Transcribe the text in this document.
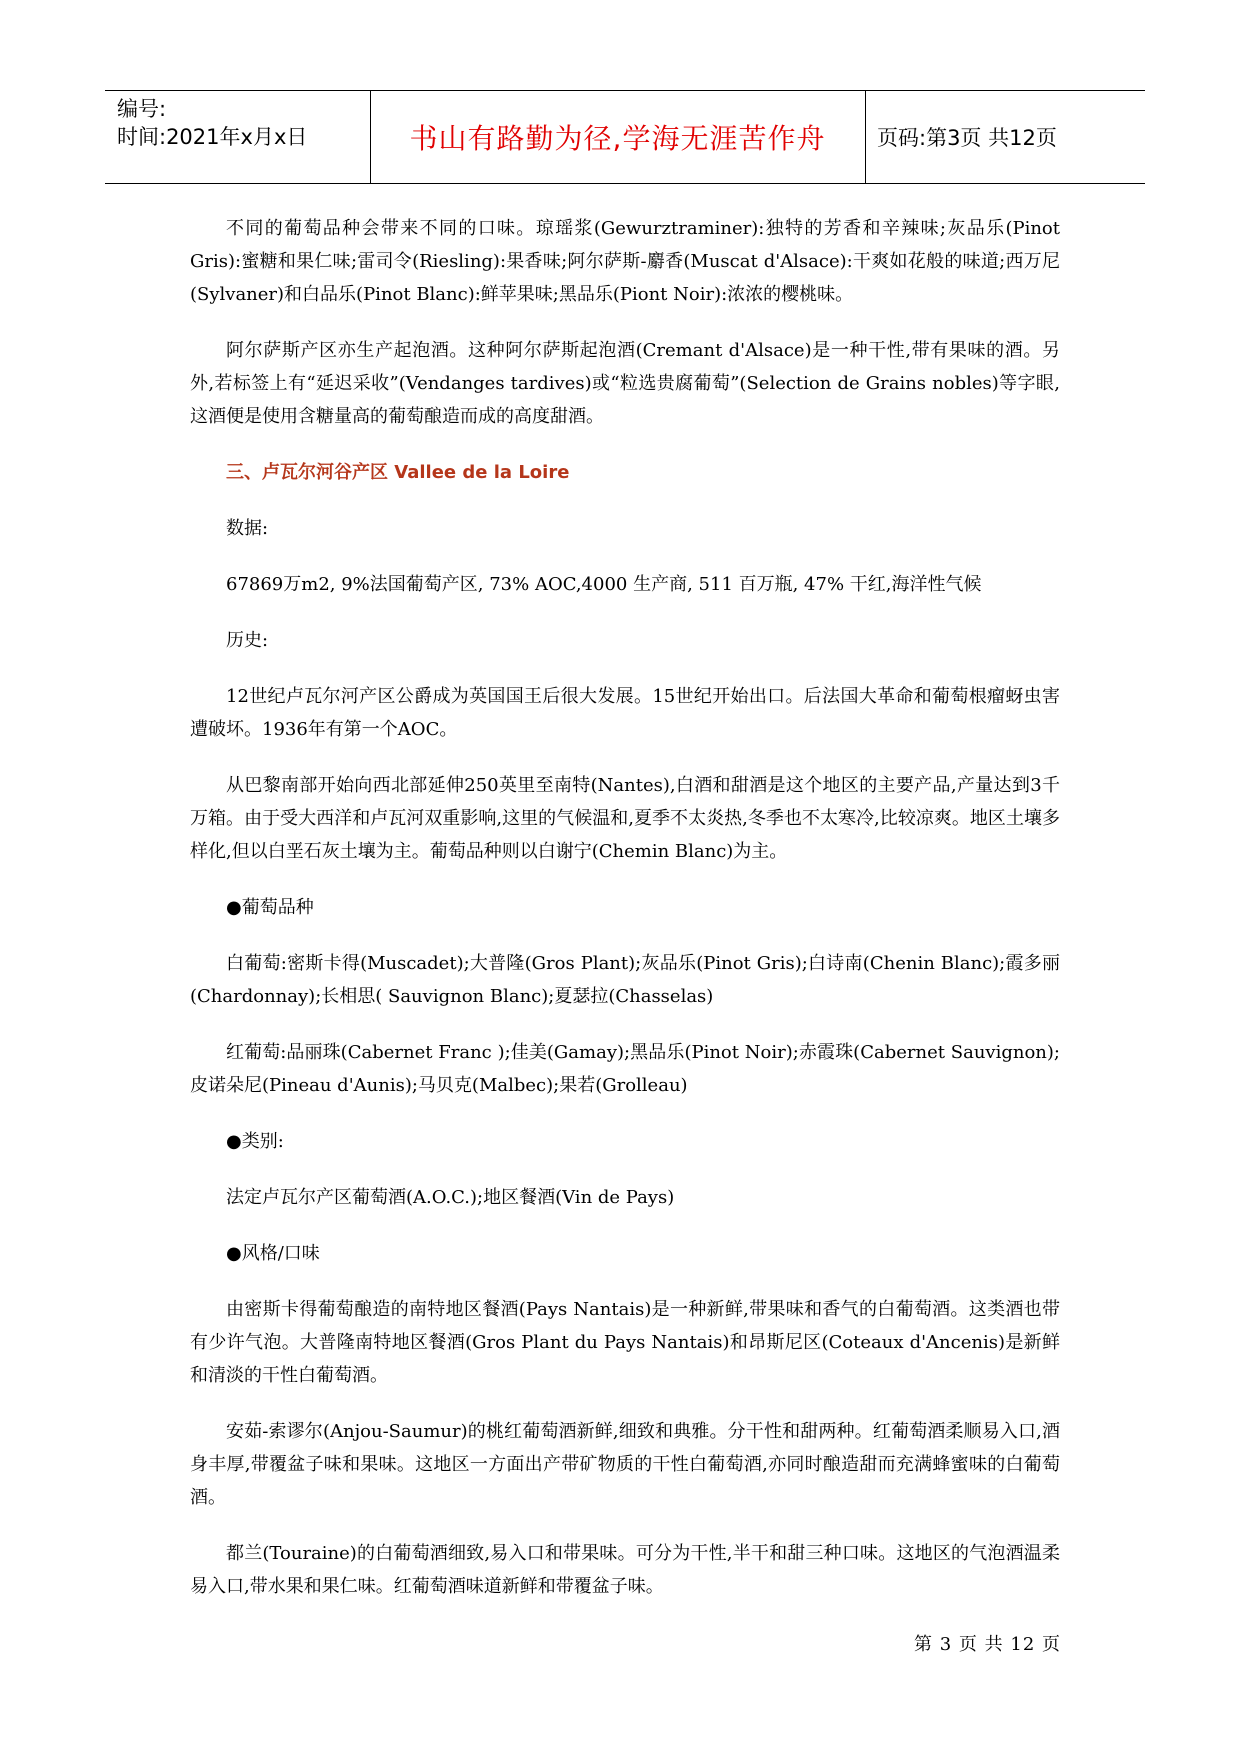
编号:
时间:2021年x月x日	书山有路勤为径,学海无涯苦作舟 页码:第3页 共12页

不同的葡萄品种会带来不同的口味。琼瑶浆(Gewurztraminer):独特的芳香和辛辣味;灰品乐(Pinot Gris):蜜糖和果仁味;雷司令(Riesling):果香味;阿尔萨斯-麝香(Muscat d'Alsace):干爽如花般的味道;西万尼(Sylvaner)和白品乐(Pinot Blanc):鲜苹果味;黑品乐(Piont Noir):浓浓的樱桃味。

阿尔萨斯产区亦生产起泡酒。这种阿尔萨斯起泡酒(Cremant d'Alsace)是一种干性,带有果味的酒。另外,若标签上有“延迟采收”(Vendanges tardives)或“粒选贵腐葡萄”(Selection de Grains nobles)等字眼,这酒便是使用含糖量高的葡萄酿造而成的高度甜酒。

三、卢瓦尔河谷产区 Vallee de la Loire

数据:

67869万m2, 9%法国葡萄产区, 73% AOC,4000 生产商, 511 百万瓶, 47% 干红,海洋性气候

历史:

12世纪卢瓦尔河产区公爵成为英国国王后很大发展。15世纪开始出口。后法国大革命和葡萄根瘤蚜虫害遭破坏。1936年有第一个AOC。

从巴黎南部开始向西北部延伸250英里至南特(Nantes),白酒和甜酒是这个地区的主要产品,产量达到3千万箱。由于受大西洋和卢瓦河双重影响,这里的气候温和,夏季不太炎热,冬季也不太寒冷,比较凉爽。地区土壤多样化,但以白垩石灰土壤为主。葡萄品种则以白谢宁(Chemin Blanc)为主。

●葡萄品种

白葡萄:密斯卡得(Muscadet);大普隆(Gros Plant);灰品乐(Pinot Gris);白诗南(Chenin Blanc);霞多丽(Chardonnay);长相思( Sauvignon Blanc);夏瑟拉(Chasselas)

红葡萄:品丽珠(Cabernet Franc );佳美(Gamay);黑品乐(Pinot Noir);赤霞珠(Cabernet Sauvignon);皮诺朵尼(Pineau d'Aunis);马贝克(Malbec);果若(Grolleau)

●类别:

法定卢瓦尔产区葡萄酒(A.O.C.);地区餐酒(Vin de Pays)

●风格/口味

由密斯卡得葡萄酿造的南特地区餐酒(Pays Nantais)是一种新鲜,带果味和香气的白葡萄酒。这类酒也带有少许气泡。大普隆南特地区餐酒(Gros Plant du Pays Nantais)和昂斯尼区(Coteaux d'Ancenis)是新鲜和清淡的干性白葡萄酒。

安茹-索谬尔(Anjou-Saumur)的桃红葡萄酒新鲜,细致和典雅。分干性和甜两种。红葡萄酒柔顺易入口,酒身丰厚,带覆盆子味和果味。这地区一方面出产带矿物质的干性白葡萄酒,亦同时酿造甜而充满蜂蜜味的白葡萄酒。

都兰(Touraine)的白葡萄酒细致,易入口和带果味。可分为干性,半干和甜三种口味。这地区的气泡酒温柔易入口,带水果和果仁味。红葡萄酒味道新鲜和带覆盆子味。

第 3 页 共 12 页
